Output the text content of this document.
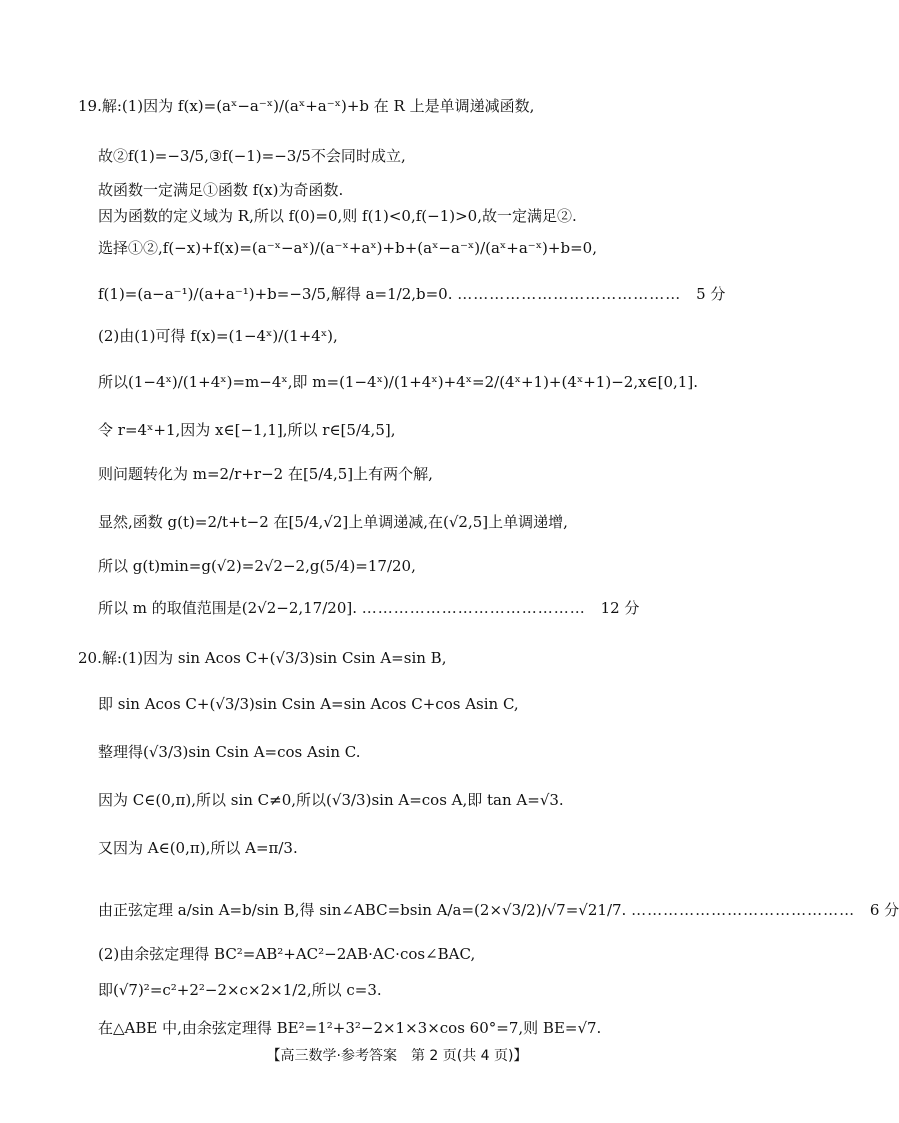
19.解:(1)因为 f(x)=(aˣ−a⁻ˣ)/(aˣ+a⁻ˣ)+b 在 R 上是单调递减函数,
故②f(1)=−3/5,③f(−1)=−3/5不会同时成立,
故函数一定满足①函数 f(x)为奇函数.
因为函数的定义域为 R,所以 f(0)=0,则 f(1)<0,f(−1)>0,故一定满足②.
选择①②,f(−x)+f(x)=(a⁻ˣ−aˣ)/(a⁻ˣ+aˣ)+b+(aˣ−a⁻ˣ)/(aˣ+a⁻ˣ)+b=0,
f(1)=(a−a⁻¹)/(a+a⁻¹)+b=−3/5,解得 a=1/2,b=0. …………………………………… 5 分
(2)由(1)可得 f(x)=(1−4ˣ)/(1+4ˣ),
所以(1−4ˣ)/(1+4ˣ)=m−4ˣ,即 m=(1−4ˣ)/(1+4ˣ)+4ˣ=2/(4ˣ+1)+(4ˣ+1)−2,x∈[0,1].
令 r=4ˣ+1,因为 x∈[−1,1],所以 r∈[5/4,5],
则问题转化为 m=2/r+r−2 在[5/4,5]上有两个解,
显然,函数 g(t)=2/t+t−2 在[5/4,√2]上单调递减,在(√2,5]上单调递增,
所以 g(t)min=g(√2)=2√2−2,g(5/4)=17/20,
所以 m 的取值范围是(2√2−2,17/20]. …………………………………… 12 分
20.解:(1)因为 sin Acos C+(√3/3)sin Csin A=sin B,
即 sin Acos C+(√3/3)sin Csin A=sin Acos C+cos Asin C,
整理得(√3/3)sin Csin A=cos Asin C.
因为 C∈(0,π),所以 sin C≠0,所以(√3/3)sin A=cos A,即 tan A=√3.
又因为 A∈(0,π),所以 A=π/3.
由正弦定理 a/sin A=b/sin B,得 sin∠ABC=bsin A/a=(2×√3/2)/√7=√21/7. …………………………………… 6 分
(2)由余弦定理得 BC²=AB²+AC²−2AB·AC·cos∠BAC,
即(√7)²=c²+2²−2×c×2×1/2,所以 c=3.
在△ABE 中,由余弦定理得 BE²=1²+3²−2×1×3×cos 60°=7,则 BE=√7.
【高三数学·参考答案　第 2 页(共 4 页)】
